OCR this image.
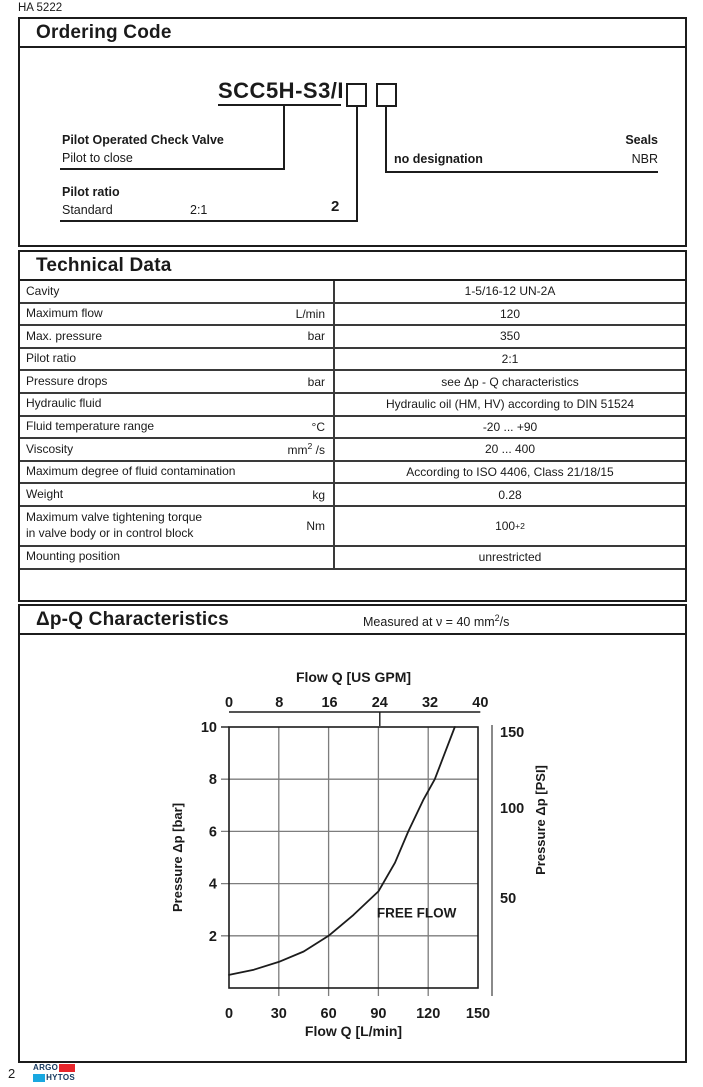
HA 5222
Ordering Code
SCC5H-S3/I
Pilot Operated Check Valve
Pilot to close
Pilot ratio
Standard	2:1	2
no designation
Seals
NBR
Technical Data
Cavity	1-5/16-12 UN-2A
Maximum flow	L/min	120
Max. pressure	bar	350
Pilot ratio	2:1
Pressure drops	bar	see Δp - Q characteristics
Hydraulic fluid	Hydraulic oil (HM, HV) according to DIN 51524
Fluid temperature range	°C	-20 ... +90
Viscosity	$mm^2$ /s	20 ... 400
Maximum degree of fluid contamination	According to ISO 4406, Class 21/18/15
Weight	kg	0.28
Maximum valve tightening torque
in valve body or in control block	Nm	100 +2
Mounting position	unrestricted
Δp-Q Characteristics	Measured at ν = 40 $mm^2/s$
Flow Q [US GPM]
0	8	16 24 32 40
2
4
6
8
10
Pressure Δp [bar]	50
100
150
Pressure Δp [PSI]
0	30 60 90 120 150
Flow Q [L/min]
FREE FLOW
2 ARGO
HYTOS
